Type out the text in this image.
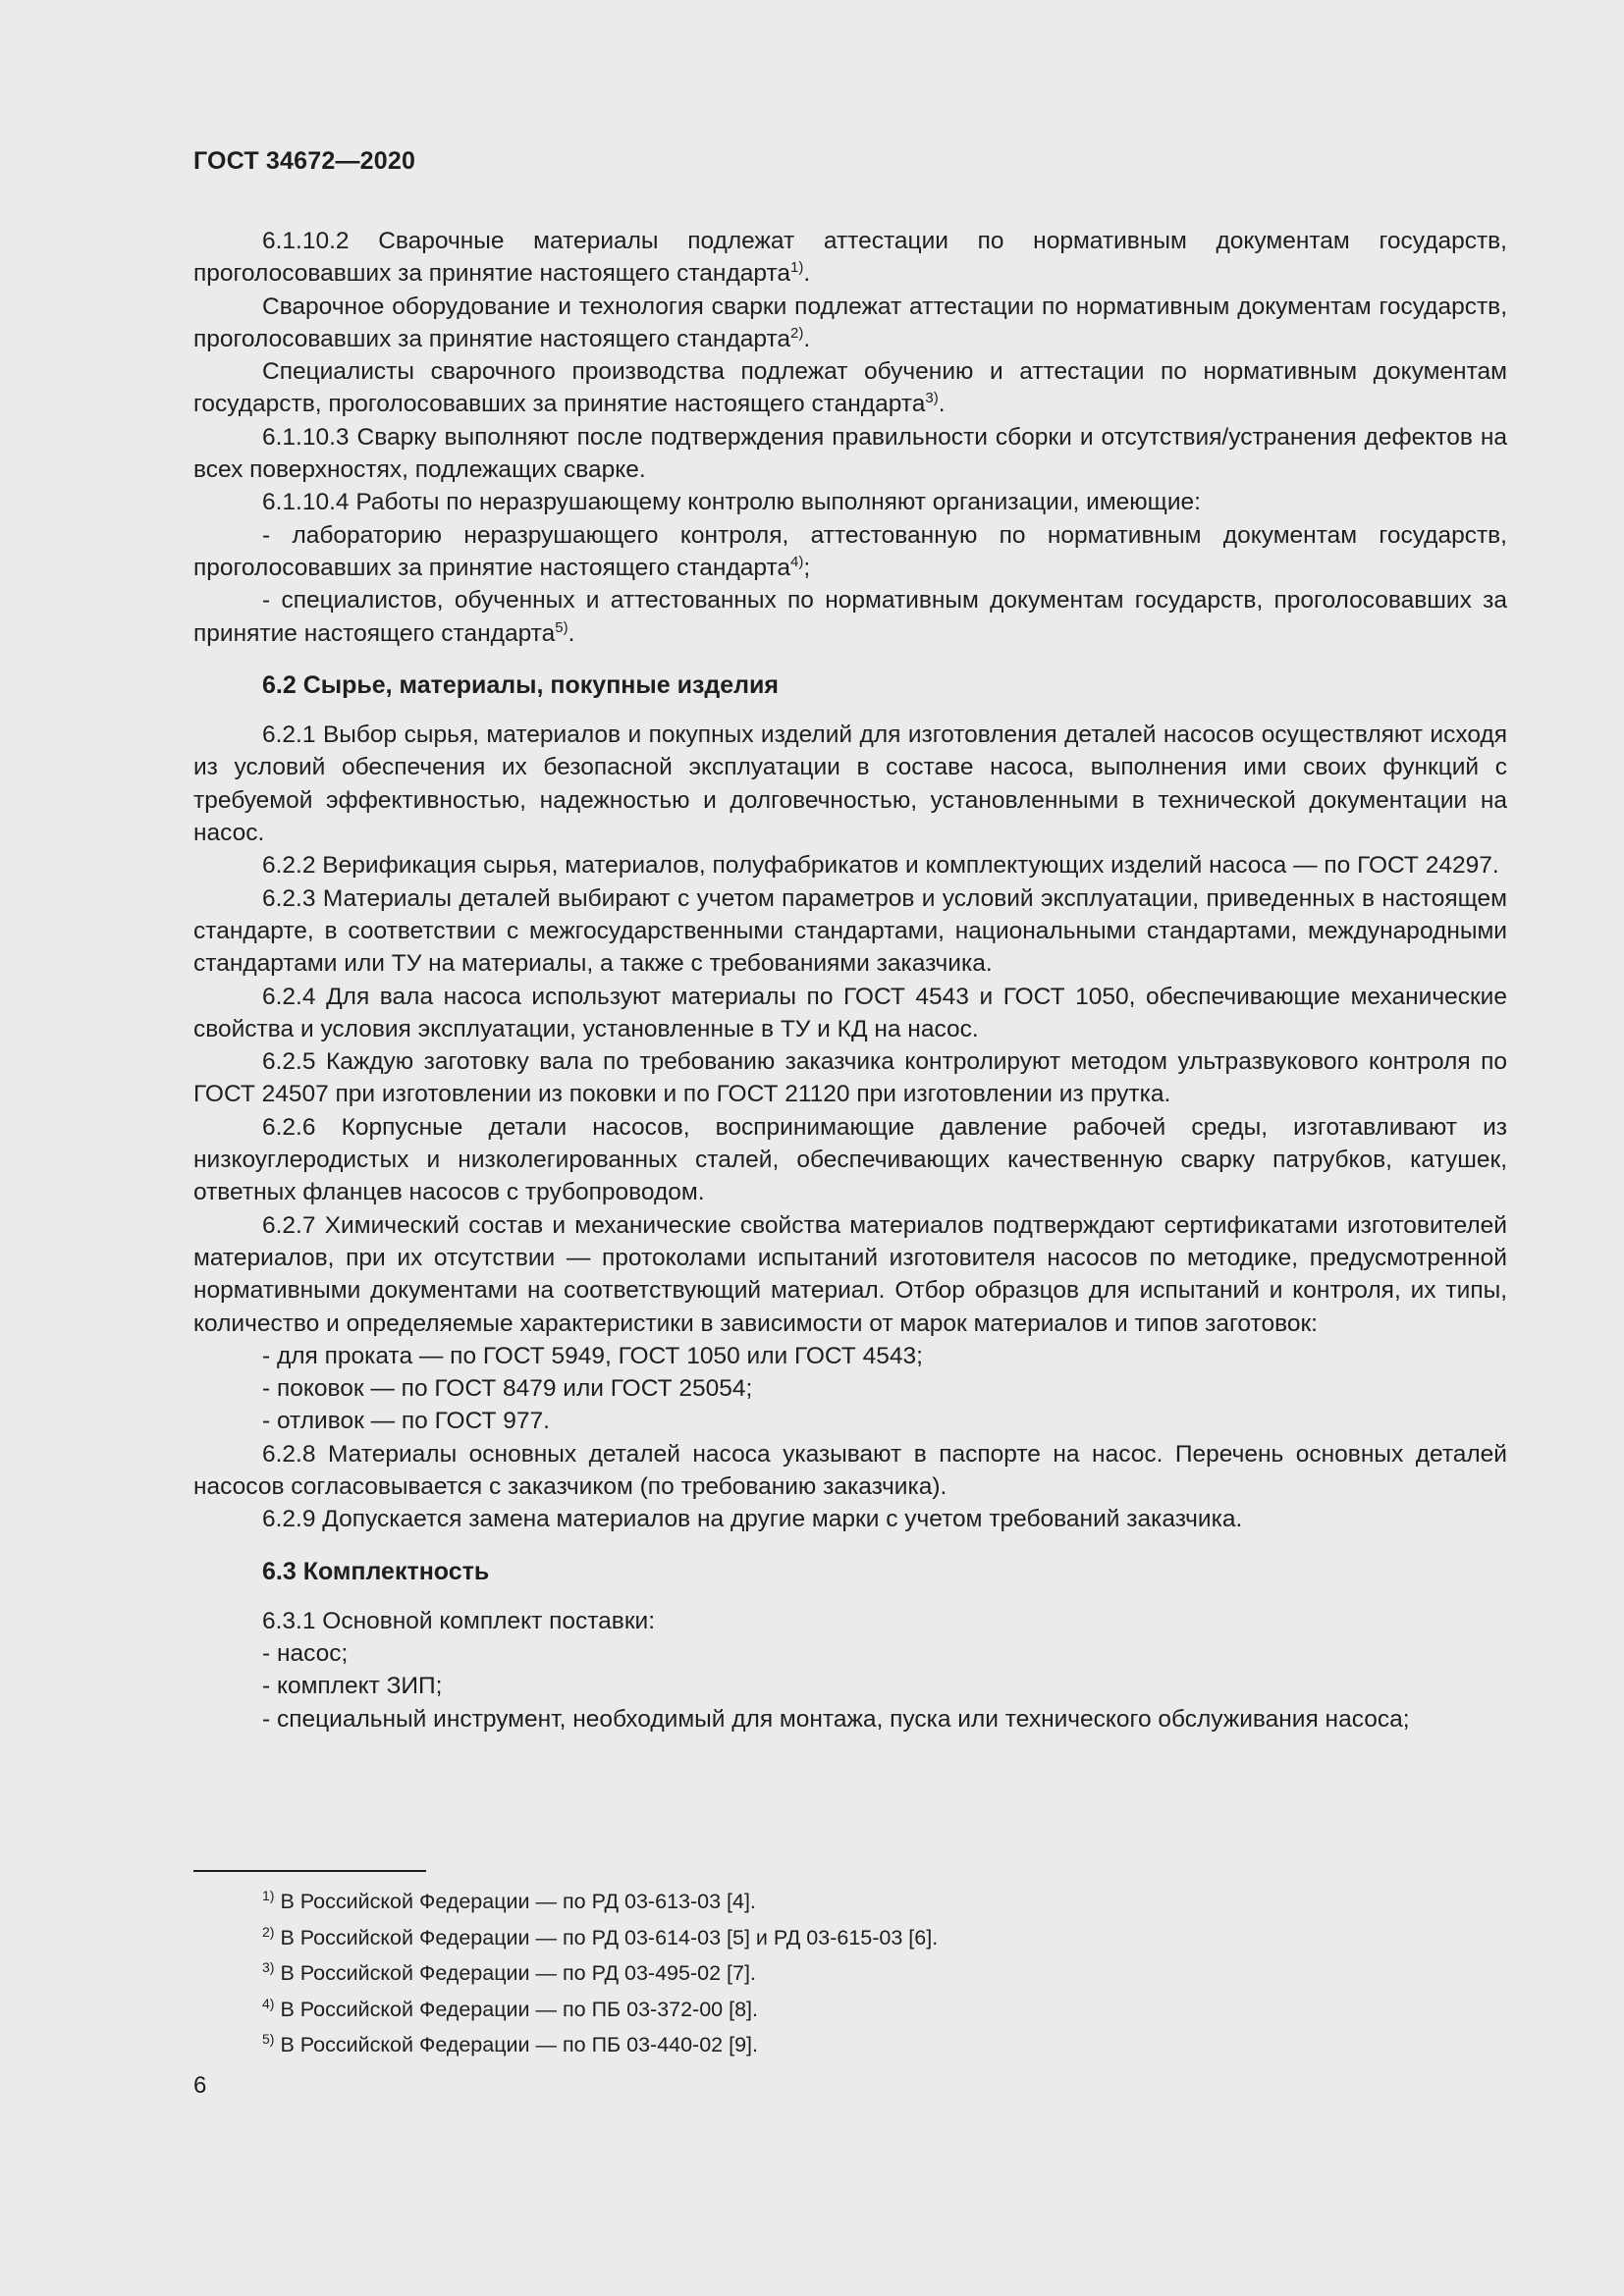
ГОСТ 34672—2020

6.1.10.2 Сварочные материалы подлежат аттестации по нормативным документам государств, проголосовавших за принятие настоящего стандарта$^{1)}$.

Сварочное оборудование и технология сварки подлежат аттестации по нормативным документам государств, проголосовавших за принятие настоящего стандарта$^{2)}$.

Специалисты сварочного производства подлежат обучению и аттестации по нормативным документам государств, проголосовавших за принятие настоящего стандарта$^{3)}$.

6.1.10.3 Сварку выполняют после подтверждения правильности сборки и отсутствия/устранения дефектов на всех поверхностях, подлежащих сварке.

6.1.10.4 Работы по неразрушающему контролю выполняют организации, имеющие:

- лабораторию неразрушающего контроля, аттестованную по нормативным документам государств, проголосовавших за принятие настоящего стандарта$^{4)}$;

- специалистов, обученных и аттестованных по нормативным документам государств, проголосовавших за принятие настоящего стандарта$^{5)}$.

6.2 Сырье, материалы, покупные изделия

6.2.1 Выбор сырья, материалов и покупных изделий для изготовления деталей насосов осуществляют исходя из условий обеспечения их безопасной эксплуатации в составе насоса, выполнения ими своих функций с требуемой эффективностью, надежностью и долговечностью, установленными в технической документации на насос.

6.2.2 Верификация сырья, материалов, полуфабрикатов и комплектующих изделий насоса — по ГОСТ 24297.

6.2.3 Материалы деталей выбирают с учетом параметров и условий эксплуатации, приведенных в настоящем стандарте, в соответствии с межгосударственными стандартами, национальными стандартами, международными стандартами или ТУ на материалы, а также с требованиями заказчика.

6.2.4 Для вала насоса используют материалы по ГОСТ 4543 и ГОСТ 1050, обеспечивающие механические свойства и условия эксплуатации, установленные в ТУ и КД на насос.

6.2.5 Каждую заготовку вала по требованию заказчика контролируют методом ультразвукового контроля по ГОСТ 24507 при изготовлении из поковки и по ГОСТ 21120 при изготовлении из прутка.

6.2.6 Корпусные детали насосов, воспринимающие давление рабочей среды, изготавливают из низкоуглеродистых и низколегированных сталей, обеспечивающих качественную сварку патрубков, катушек, ответных фланцев насосов с трубопроводом.

6.2.7 Химический состав и механические свойства материалов подтверждают сертификатами изготовителей материалов, при их отсутствии — протоколами испытаний изготовителя насосов по методике, предусмотренной нормативными документами на соответствующий материал. Отбор образцов для испытаний и контроля, их типы, количество и определяемые характеристики в зависимости от марок материалов и типов заготовок:

- для проката — по ГОСТ 5949, ГОСТ 1050 или ГОСТ 4543;

- поковок — по ГОСТ 8479 или ГОСТ 25054;

- отливок — по ГОСТ 977.

6.2.8 Материалы основных деталей насоса указывают в паспорте на насос. Перечень основных деталей насосов согласовывается с заказчиком (по требованию заказчика).

6.2.9 Допускается замена материалов на другие марки с учетом требований заказчика.

6.3 Комплектность

6.3.1 Основной комплект поставки:

- насос;

- комплект ЗИП;

- специальный инструмент, необходимый для монтажа, пуска или технического обслуживания насоса;

$^{1)}$ В Российской Федерации — по РД 03-613-03 [4].
$^{2)}$ В Российской Федерации — по РД 03-614-03 [5] и РД 03-615-03 [6].
$^{3)}$ В Российской Федерации — по РД 03-495-02 [7].
$^{4)}$ В Российской Федерации — по ПБ 03-372-00 [8].
$^{5)}$ В Российской Федерации — по ПБ 03-440-02 [9].
6
